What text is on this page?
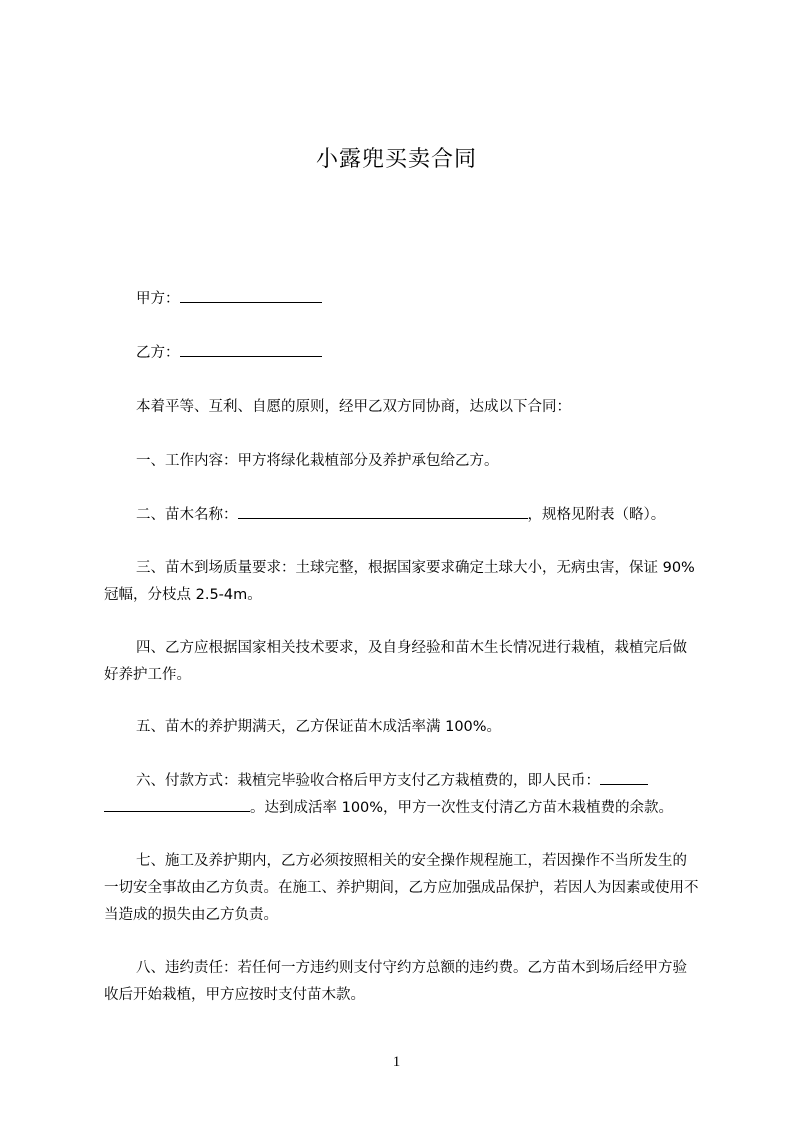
小露兜买卖合同

甲方：

乙方：

本着平等、互利、自愿的原则，经甲乙双方同协商，达成以下合同：

一、工作内容：甲方将绿化栽植部分及养护承包给乙方。

二、苗木名称：	，规格见附表（略）。

三、苗木到场质量要求：土球完整，根据国家要求确定土球大小，无病虫害，保证 90%冠幅，分枝点 2.5-4m。

四、乙方应根据国家相关技术要求，及自身经验和苗木生长情况进行栽植，栽植完后做好养护工作。

五、苗木的养护期满天，乙方保证苗木成活率满 100%。

六、付款方式：栽植完毕验收合格后甲方支付乙方栽植费的，即人民币：。达到成活率 100%，甲方一次性支付清乙方苗木栽植费的余款。

七、施工及养护期内，乙方必须按照相关的安全操作规程施工，若因操作不当所发生的一切安全事故由乙方负责。在施工、养护期间，乙方应加强成品保护，若因人为因素或使用不当造成的损失由乙方负责。

八、违约责任：若任何一方违约则支付守约方总额的违约费。乙方苗木到场后经甲方验收后开始栽植，甲方应按时支付苗木款。

1
